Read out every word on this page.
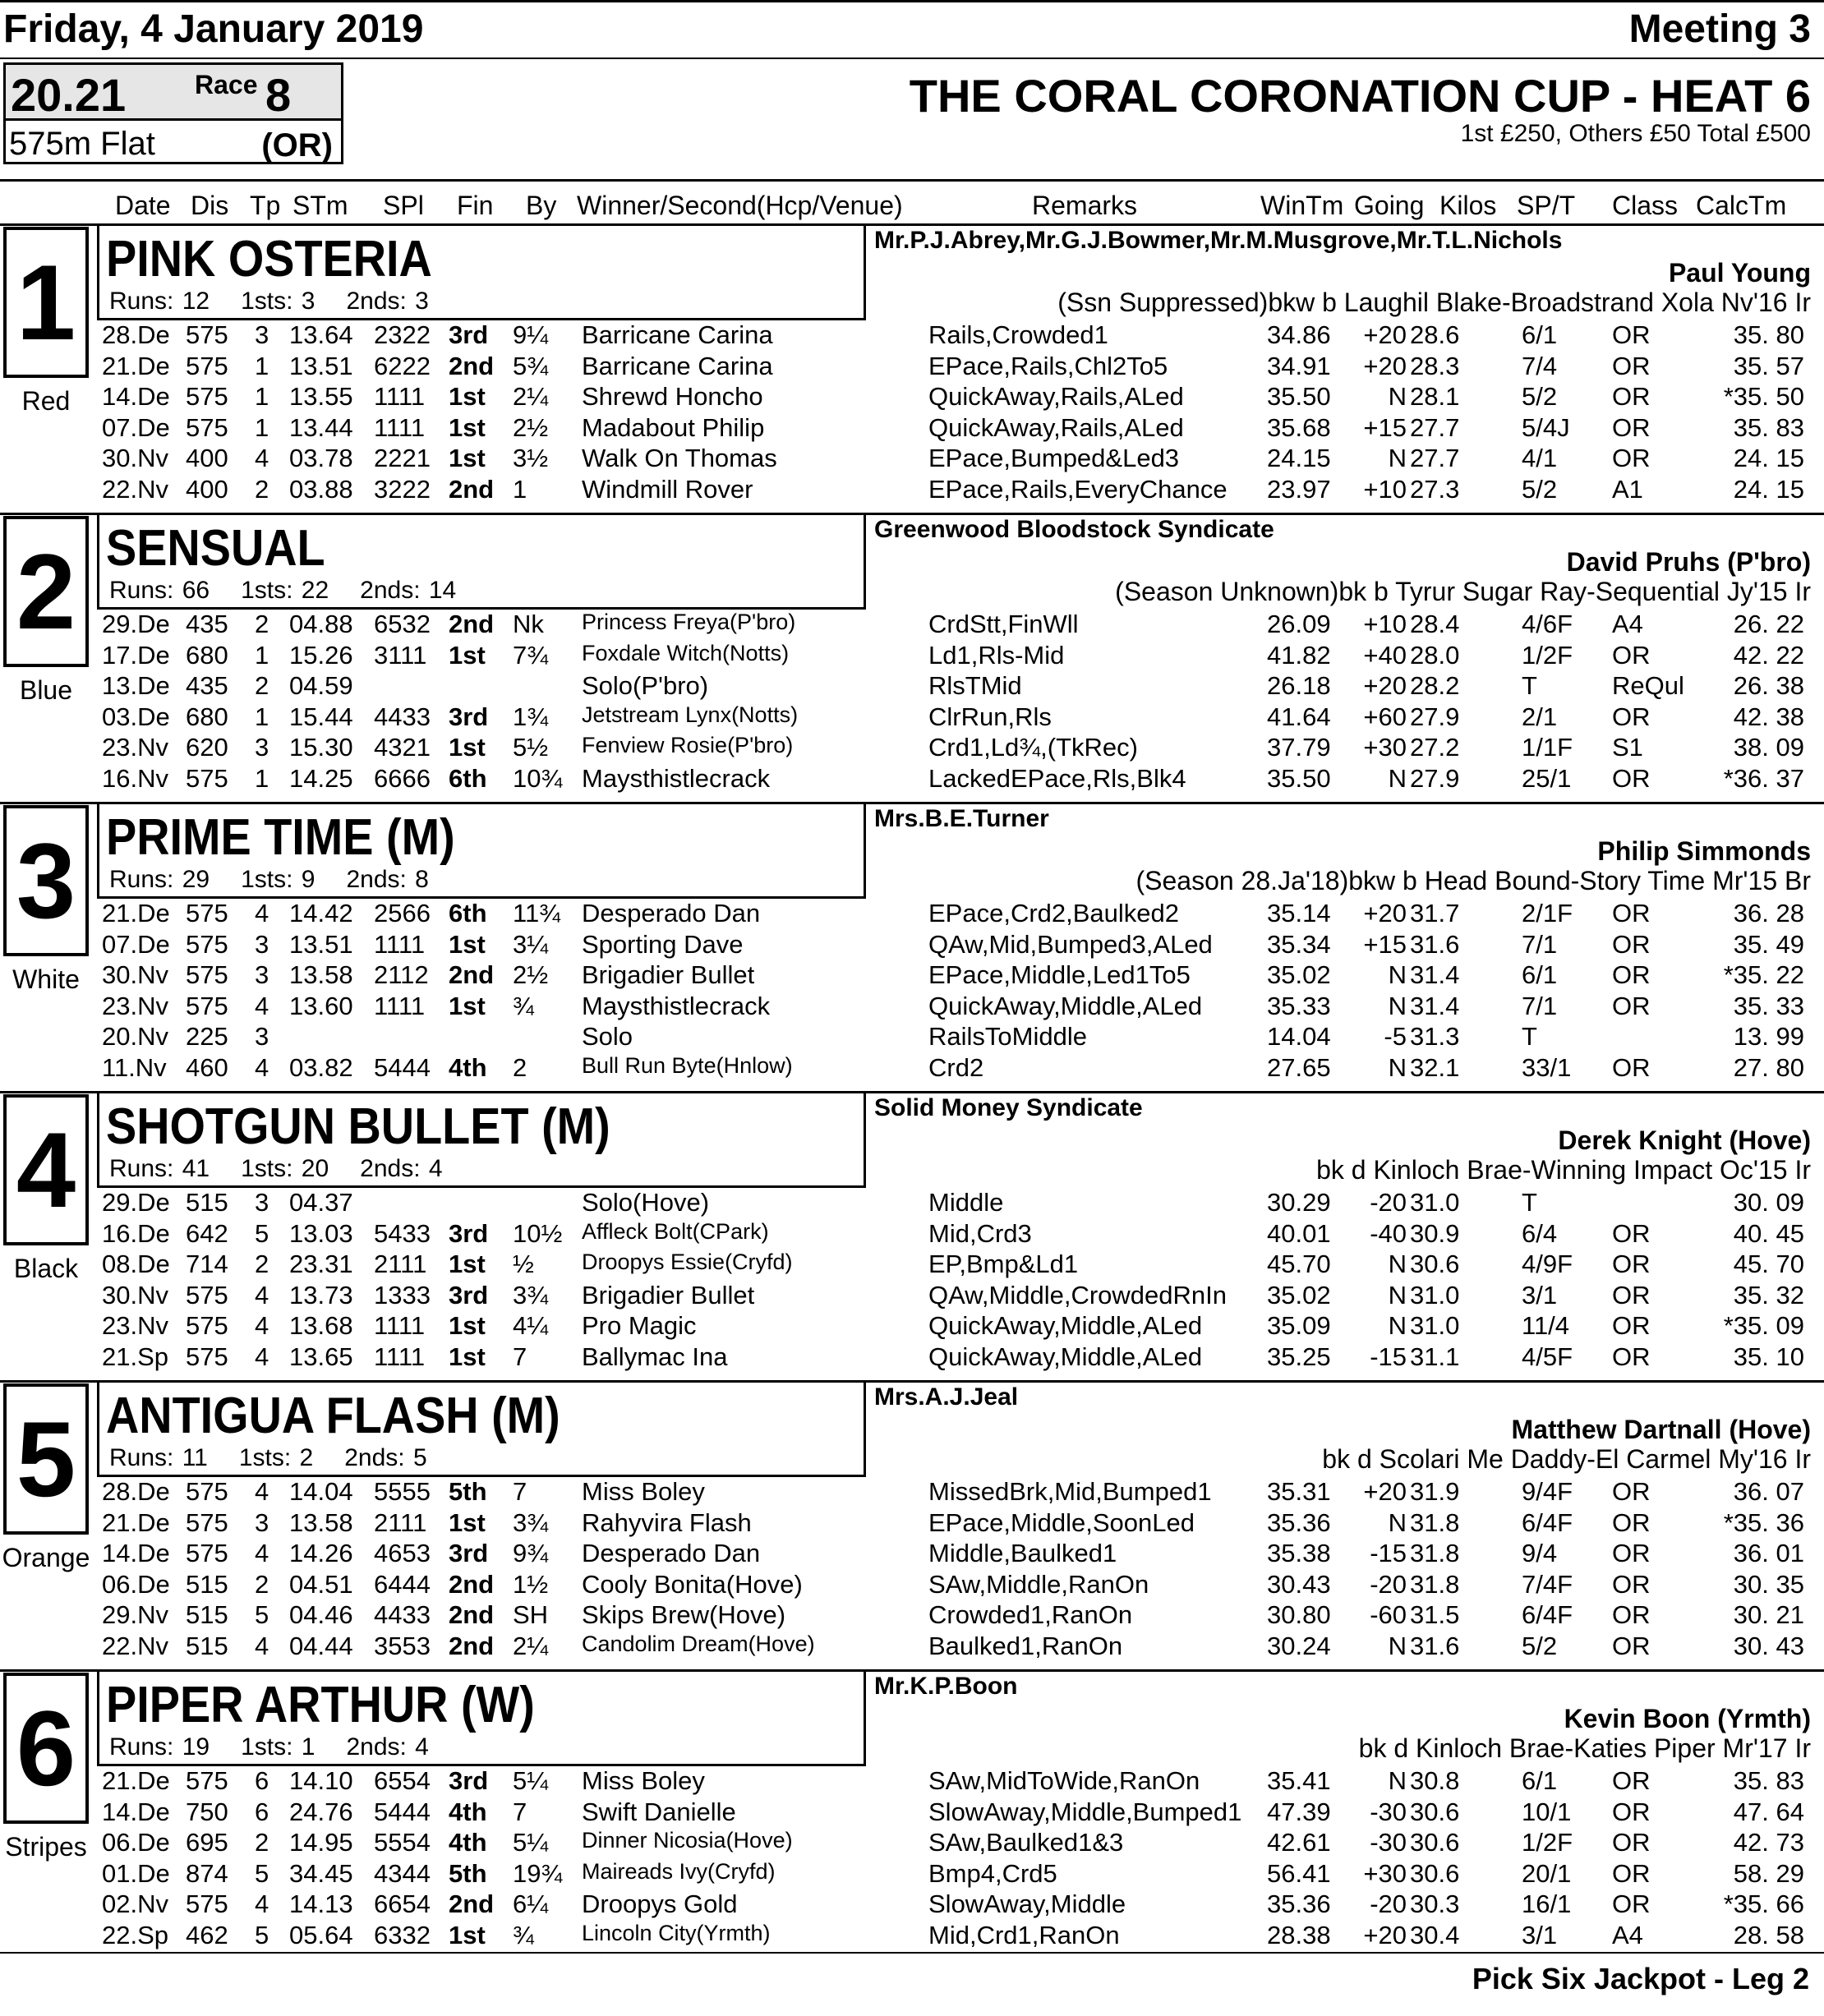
Friday, 4 January 2019	Meeting 3
20.21	Race 8
575m Flat	(OR)
THE CORAL CORONATION CUP - HEAT 6
1st £250, Others £50 Total £500
Date Dis Tp STm SPl Fin By Winner/Second(Hcp/Venue)	Remarks	WinTm Going Kilos SP/T Class CalcTm
1
Red
PINK OSTERIA
Runs: 12 1sts: 3 2nds: 3
Mr.P.J.Abrey,Mr.G.J.Bowmer,Mr.M.Musgrove,Mr.T.L.Nichols
Paul Young
(Ssn Suppressed)bkw b Laughil Blake-Broadstrand Xola Nv'16 Ir
28.De 575 3 13.64 2322 3rd 9¼ Barricane Carina	Rails,Crowded1	34.86 +20 28.6 6/1 OR	35. 80
21.De 575 1 13.51 6222 2nd 5¾ Barricane Carina	EPace,Rails,Chl2To5	34.91 +20 28.3 7/4 OR	35. 57
14.De 575 1 13.55 1111 1st 2¼ Shrewd Honcho	QuickAway,Rails,ALed	35.50 N 28.1 5/2 OR	*35. 50
07.De 575 1 13.44 1111 1st 2½ Madabout Philip	QuickAway,Rails,ALed	35.68 +15 27.7 5/4J OR	35. 83
30.Nv 400 4 03.78 2221 1st 3½ Walk On Thomas	EPace,Bumped&Led3	24.15 N 27.7 4/1 OR	24. 15
22.Nv 400 2 03.88 3222 2nd 1 Windmill Rover	EPace,Rails,EveryChance 23.97 +10 27.3 5/2 A1	24. 15
2
Blue
SENSUAL
Runs: 66 1sts: 22 2nds: 14
Greenwood Bloodstock Syndicate
David Pruhs (P'bro)
(Season Unknown)bk b Tyrur Sugar Ray-Sequential Jy'15 Ir
29.De 435 2 04.88 6532 2nd Nk Princess Freya(P'bro)	CrdStt,FinWll	26.09 +10 28.4 4/6F A4	26. 22
17.De 680 1 15.26 3111 1st 7¾ Foxdale Witch(Notts)	Ld1,Rls-Mid	41.82 +40 28.0 1/2F OR	42. 22
13.De 435 2 04.59	Solo(P'bro)	RlsTMid	26.18 +20 28.2 T	ReQul 26. 38
03.De 680 1 15.44 4433 3rd 1¾ Jetstream Lynx(Notts)	ClrRun,Rls	41.64 +60 27.9 2/1 OR	42. 38
23.Nv 620 3 15.30 4321 1st 5½ Fenview Rosie(P'bro)	Crd1,Ld¾,(TkRec)	37.79 +30 27.2 1/1F S1	38. 09
16.Nv 575 1 14.25 6666 6th 10¾ Maysthistlecrack	LackedEPace,Rls,Blk4	35.50 N 27.9 25/1 OR	*36. 37
3
White
PRIME TIME (M)
Runs: 29 1sts: 9 2nds: 8
Mrs.B.E.Turner
Philip Simmonds
(Season 28.Ja'18)bkw b Head Bound-Story Time Mr'15 Br
21.De 575 4 14.42 2566 6th 11¾ Desperado Dan	EPace,Crd2,Baulked2	35.14 +20 31.7 2/1F OR	36. 28
07.De 575 3 13.51 1111 1st 3¼ Sporting Dave	QAw,Mid,Bumped3,ALed 35.34 +15 31.6 7/1 OR	35. 49
30.Nv 575 3 13.58 2112 2nd 2½ Brigadier Bullet	EPace,Middle,Led1To5	35.02 N 31.4 6/1 OR	*35. 22
23.Nv 575 4 13.60 1111 1st ¾ Maysthistlecrack	QuickAway,Middle,ALed	35.33 N 31.4 7/1 OR	35. 33
20.Nv 225 3	Solo	RailsToMiddle	14.04 -5 31.3 T	13. 99
11.Nv 460 4 03.82 5444 4th 2 Bull Run Byte(Hnlow)	Crd2	27.65 N 32.1 33/1 OR	27. 80
4
Black
SHOTGUN BULLET (M)
Runs: 41 1sts: 20 2nds: 4
Solid Money Syndicate
Derek Knight (Hove)
bk d Kinloch Brae-Winning Impact Oc'15 Ir
29.De 515 3 04.37	Solo(Hove)	Middle	30.29 -20 31.0 T	30. 09
16.De 642 5 13.03 5433 3rd 10½ Affleck Bolt(CPark)	Mid,Crd3	40.01 -40 30.9 6/4 OR	40. 45
08.De 714 2 23.31 2111 1st ½ Droopys Essie(Cryfd)	EP,Bmp&Ld1	45.70 N 30.6 4/9F OR	45. 70
30.Nv 575 4 13.73 1333 3rd 3¾ Brigadier Bullet	QAw,Middle,CrowdedRnIn 35.02 N 31.0 3/1 OR	35. 32
23.Nv 575 4 13.68 1111 1st 4¼ Pro Magic	QuickAway,Middle,ALed	35.09 N 31.0 11/4 OR	*35. 09
21.Sp 575 4 13.65 1111 1st 7 Ballymac Ina	QuickAway,Middle,ALed	35.25 -15 31.1 4/5F OR	35. 10
5
Orange
ANTIGUA FLASH (M)
Runs: 11 1sts: 2 2nds: 5
Mrs.A.J.Jeal
Matthew Dartnall (Hove)
bk d Scolari Me Daddy-El Carmel My'16 Ir
28.De 575 4 14.04 5555 5th 7 Miss Boley	MissedBrk,Mid,Bumped1 35.31 +20 31.9 9/4F OR	36. 07
21.De 575 3 13.58 2111 1st 3¾ Rahyvira Flash	EPace,Middle,SoonLed	35.36 N 31.8 6/4F OR	*35. 36
14.De 575 4 14.26 4653 3rd 9¾ Desperado Dan	Middle,Baulked1	35.38 -15 31.8 9/4 OR	36. 01
06.De 515 2 04.51 6444 2nd 1½ Cooly Bonita(Hove)	SAw,Middle,RanOn	30.43 -20 31.8 7/4F OR	30. 35
29.Nv 515 5 04.46 4433 2nd SH Skips Brew(Hove)	Crowded1,RanOn	30.80 -60 31.5 6/4F OR	30. 21
22.Nv 515 4 04.44 3553 2nd 2¼ Candolim Dream(Hove)	Baulked1,RanOn	30.24 N 31.6 5/2 OR	30. 43
6
Stripes
PIPER ARTHUR (W)
Runs: 19 1sts: 1 2nds: 4
Mr.K.P.Boon
Kevin Boon (Yrmth)
bk d Kinloch Brae-Katies Piper Mr'17 Ir
21.De 575 6 14.10 6554 3rd 5¼ Miss Boley	SAw,MidToWide,RanOn	35.41 N 30.8 6/1 OR	35. 83
14.De 750 6 24.76 5444 4th 7 Swift Danielle	SlowAway,Middle,Bumped1 47.39 -30 30.6 10/1 OR	47. 64
06.De 695 2 14.95 5554 4th 5¼ Dinner Nicosia(Hove)	SAw,Baulked1&3	42.61 -30 30.6 1/2F OR	42. 73
01.De 874 5 34.45 4344 5th 19¾ Maireads Ivy(Cryfd)	Bmp4,Crd5	56.41 +30 30.6 20/1 OR	58. 29
02.Nv 575 4 14.13 6654 2nd 6¼ Droopys Gold	SlowAway,Middle	35.36 -20 30.3 16/1 OR	*35. 66
22.Sp 462 5 05.64 6332 1st ¾ Lincoln City(Yrmth)	Mid,Crd1,RanOn	28.38 +20 30.4 3/1 A4	28. 58
Pick Six Jackpot - Leg 2
